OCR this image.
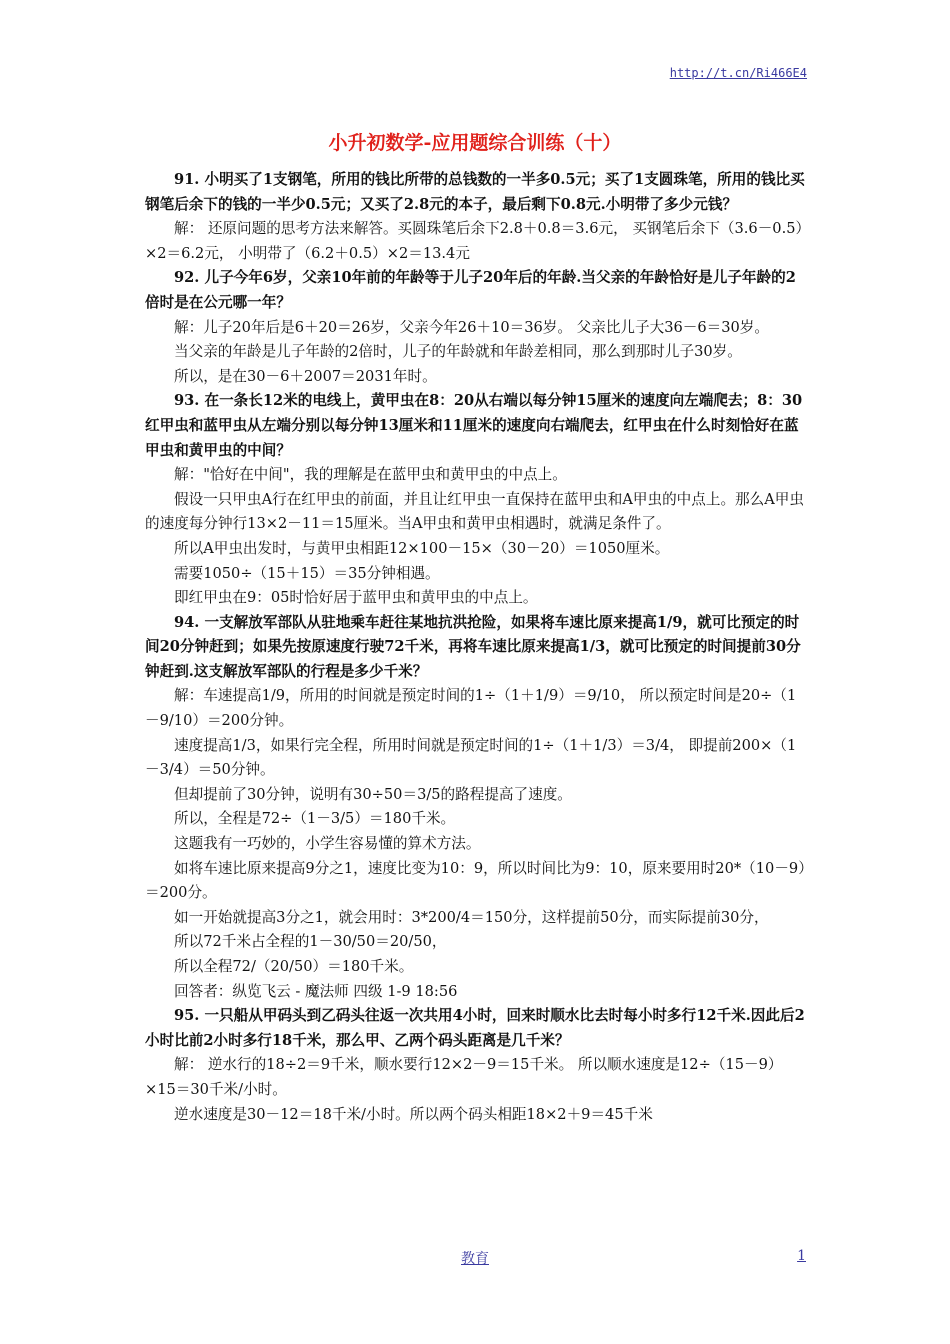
http://t.cn/Ri466E4
小升初数学-应用题综合训练（十）

91. 小明买了1支钢笔，所用的钱比所带的总钱数的一半多0.5元；买了1支圆珠笔，所用的钱比买钢笔后余下的钱的一半少0.5元；又买了2.8元的本子，最后剩下0.8元.小明带了多少元钱？

解： 还原问题的思考方法来解答。买圆珠笔后余下2.8＋0.8＝3.6元， 买钢笔后余下（3.6－0.5）×2＝6.2元， 小明带了（6.2＋0.5）×2＝13.4元

92. 儿子今年6岁，父亲10年前的年龄等于儿子20年后的年龄.当父亲的年龄恰好是儿子年龄的2倍时是在公元哪一年？

解：儿子20年后是6＋20＝26岁，父亲今年26＋10＝36岁。 父亲比儿子大36－6＝30岁。

当父亲的年龄是儿子年龄的2倍时，儿子的年龄就和年龄差相同，那么到那时儿子30岁。

所以，是在30－6＋2007＝2031年时。

93. 在一条长12米的电线上，黄甲虫在8：20从右端以每分钟15厘米的速度向左端爬去；8：30红甲虫和蓝甲虫从左端分别以每分钟13厘米和11厘米的速度向右端爬去，红甲虫在什么时刻恰好在蓝甲虫和黄甲虫的中间？

解："恰好在中间"，我的理解是在蓝甲虫和黄甲虫的中点上。

假设一只甲虫A行在红甲虫的前面，并且让红甲虫一直保持在蓝甲虫和A甲虫的中点上。那么A甲虫的速度每分钟行13×2－11＝15厘米。当A甲虫和黄甲虫相遇时，就满足条件了。

所以A甲虫出发时，与黄甲虫相距12×100－15×（30－20）＝1050厘米。

需要1050÷（15＋15）＝35分钟相遇。

即红甲虫在9：05时恰好居于蓝甲虫和黄甲虫的中点上。

94. 一支解放军部队从驻地乘车赶往某地抗洪抢险，如果将车速比原来提高1/9，就可比预定的时间20分钟赶到；如果先按原速度行驶72千米，再将车速比原来提高1/3，就可比预定的时间提前30分钟赶到.这支解放军部队的行程是多少千米？

解：车速提高1/9，所用的时间就是预定时间的1÷（1＋1/9）＝9/10， 所以预定时间是20÷（1－9/10）＝200分钟。

速度提高1/3，如果行完全程，所用时间就是预定时间的1÷（1＋1/3）＝3/4， 即提前200×（1－3/4）＝50分钟。

但却提前了30分钟，说明有30÷50＝3/5的路程提高了速度。

所以，全程是72÷（1－3/5）＝180千米。

这题我有一巧妙的，小学生容易懂的算术方法。

如将车速比原来提高9分之1，速度比变为10：9，所以时间比为9：10，原来要用时20*（10－9）＝200分。

如一开始就提高3分之1，就会用时：3*200/4＝150分，这样提前50分，而实际提前30分，

所以72千米占全程的1－30/50＝20/50，

所以全程72/（20/50）＝180千米。

回答者：纵览飞云 - 魔法师 四级 1-9 18:56

95. 一只船从甲码头到乙码头往返一次共用4小时，回来时顺水比去时每小时多行12千米.因此后2小时比前2小时多行18千米，那么甲、乙两个码头距离是几千米？

解： 逆水行的18÷2＝9千米，顺水要行12×2－9＝15千米。 所以顺水速度是12÷（15－9）×15＝30千米/小时。

逆水速度是30－12＝18千米/小时。所以两个码头相距18×2＋9＝45千米

教育	1
